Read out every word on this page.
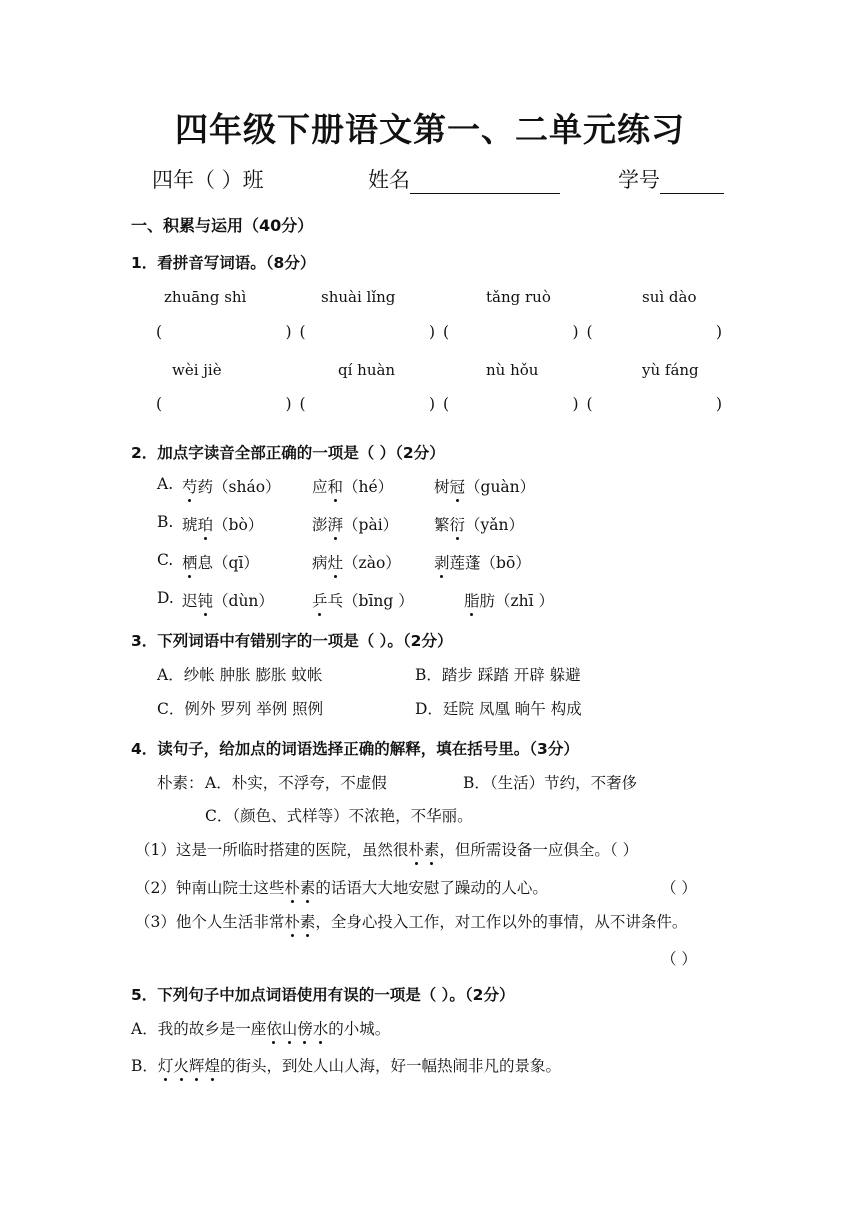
四年级下册语文第一、二单元练习
四年（ ）班	姓名	学号
一、积累与运用（40分）
1．看拼音写词语。（8分）
zhuāng shì	shuài lǐng	tǎng ruò	suì dào
(	) (	) (	) (	)
wèi jiè	qí huàn	nù hǒu	yù fáng
(	) (	) (	) (	)
2．加点字读音全部正确的一项是（ ）（2分）
A. 芍药（sháo） 应和（hé）	树冠（guàn）
B. 琥珀（bò）	澎湃（pài） 繁衍（yǎn）
C. 栖息（qī）	病灶（zào） 剥莲蓬（bō）
D. 迟钝（dùn） 乒乓（bīng ）	脂肪（zhī ）
3．下列词语中有错别字的一项是（ ）。（2分）
A．纱帐 肿胀 膨胀 蚊帐	B．踏步 踩踏 开辟 躲避
C．例外 罗列 举例 照例	D．廷院 凤凰 晌午 构成
4．读句子，给加点的词语选择正确的解释，填在括号里。（3分）
朴素： A．朴实，不浮夸，不虚假	B．（生活）节约，不奢侈
C．（颜色、式样等）不浓艳，不华丽。
（1）这是一所临时搭建的医院，虽然很朴素，但所需设备一应俱全。（ ）
（2）钟南山院士这些朴素的话语大大地安慰了躁动的人心。	（ ）
（3）他个人生活非常朴素，全身心投入工作，对工作以外的事情，从不讲条件。
（ ）
5．下列句子中加点词语使用有误的一项是（ ）。（2分）
A．我的故乡是一座依山傍水的小城。
B．灯火辉煌的街头，到处人山人海，好一幅热闹非凡的景象。
